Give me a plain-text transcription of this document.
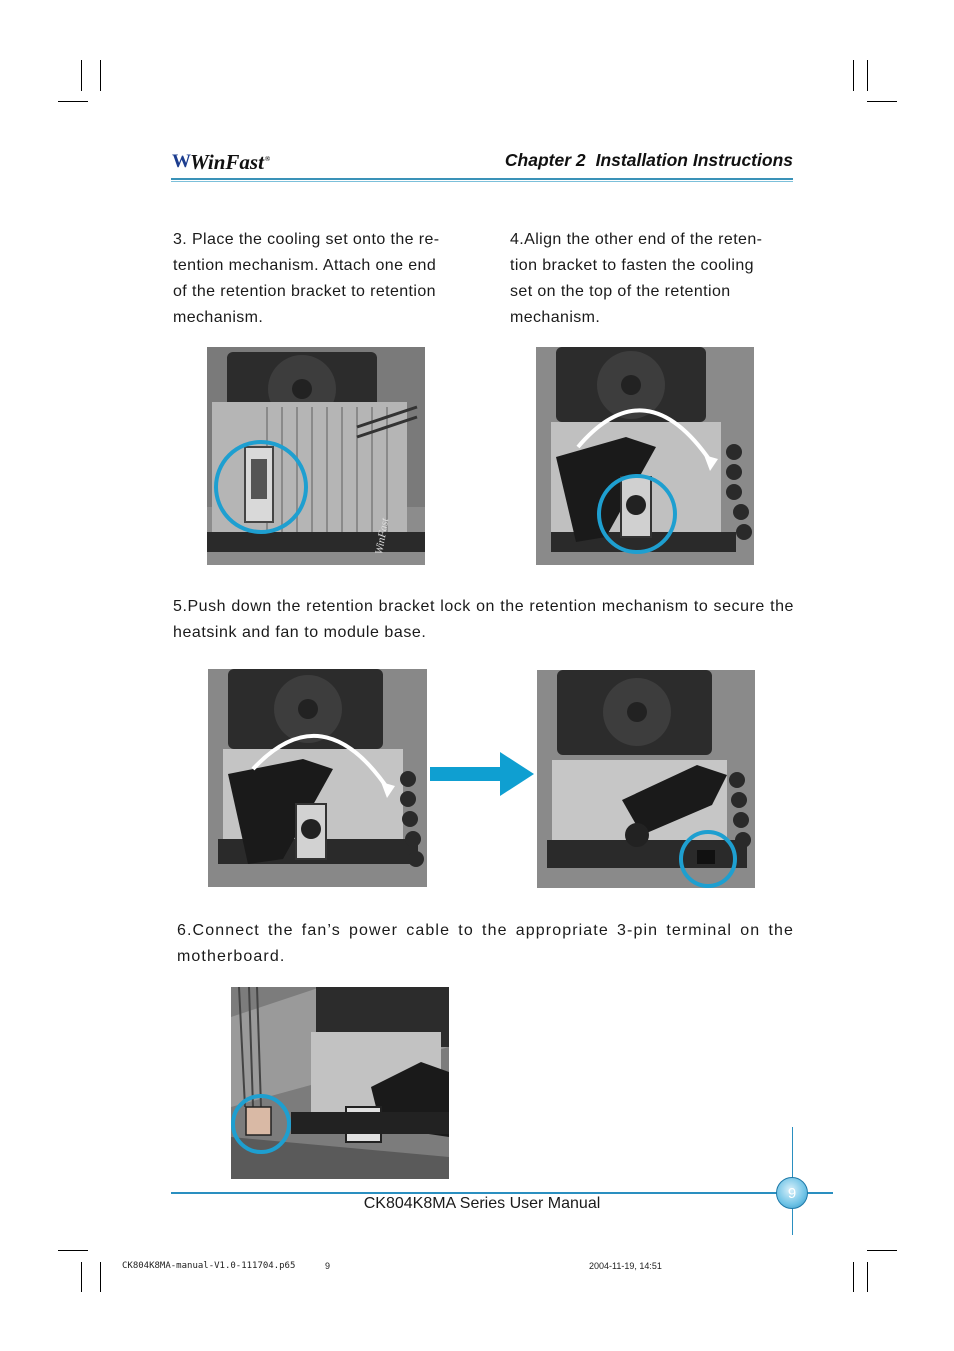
W WinFast®	Chapter 2 Installation Instructions
3. Place the cooling set onto the re-
tention mechanism. Attach one end
of the retention bracket to retention
mechanism.
4.Align the other end of the reten-
tion bracket to fasten the cooling
set on the top of the retention
mechanism.
WinFast
5.Push down the retention bracket lock on the retention mechanism to secure the heatsink and fan to module base.
6.Connect the fan’s power cable to the appropriate 3-pin terminal on the motherboard.
9
CK804K8MA Series User Manual
CK804K8MA-manual-V1.0-111704.p65	9	2004-11-19, 14:51
